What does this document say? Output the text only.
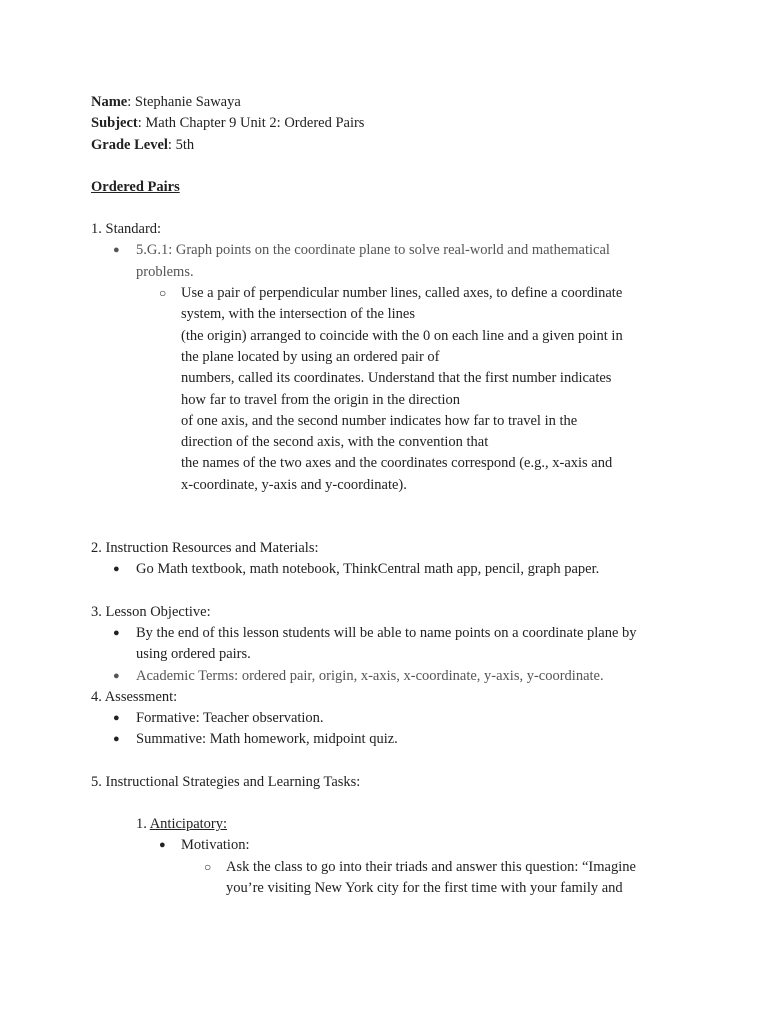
Name: Stephanie Sawaya
Subject: Math Chapter 9 Unit 2: Ordered Pairs
Grade Level: 5th
Ordered Pairs
1. Standard:
● 5.G.1: Graph points on the coordinate plane to solve real-world and mathematical problems.
○ Use a pair of perpendicular number lines, called axes, to define a coordinate
system, with the intersection of the lines
(the origin) arranged to coincide with the 0 on each line and a given point in
the plane located by using an ordered pair of
numbers, called its coordinates. Understand that the first number indicates
how far to travel from the origin in the direction
of one axis, and the second number indicates how far to travel in the
direction of the second axis, with the convention that
the names of the two axes and the coordinates correspond (e.g., x-axis and
x-coordinate, y-axis and y-coordinate).
2. Instruction Resources and Materials:
● Go Math textbook, math notebook, ThinkCentral math app, pencil, graph paper.
3. Lesson Objective:
● By the end of this lesson students will be able to name points on a coordinate plane by using ordered pairs.
● Academic Terms: ordered pair, origin, x-axis, x-coordinate, y-axis, y-coordinate.
4. Assessment:
● Formative: Teacher observation.
● Summative: Math homework, midpoint quiz.
5. Instructional Strategies and Learning Tasks:
1. Anticipatory:
● Motivation:
○ Ask the class to go into their triads and answer this question: “Imagine
you’re visiting New York city for the first time with your family and
